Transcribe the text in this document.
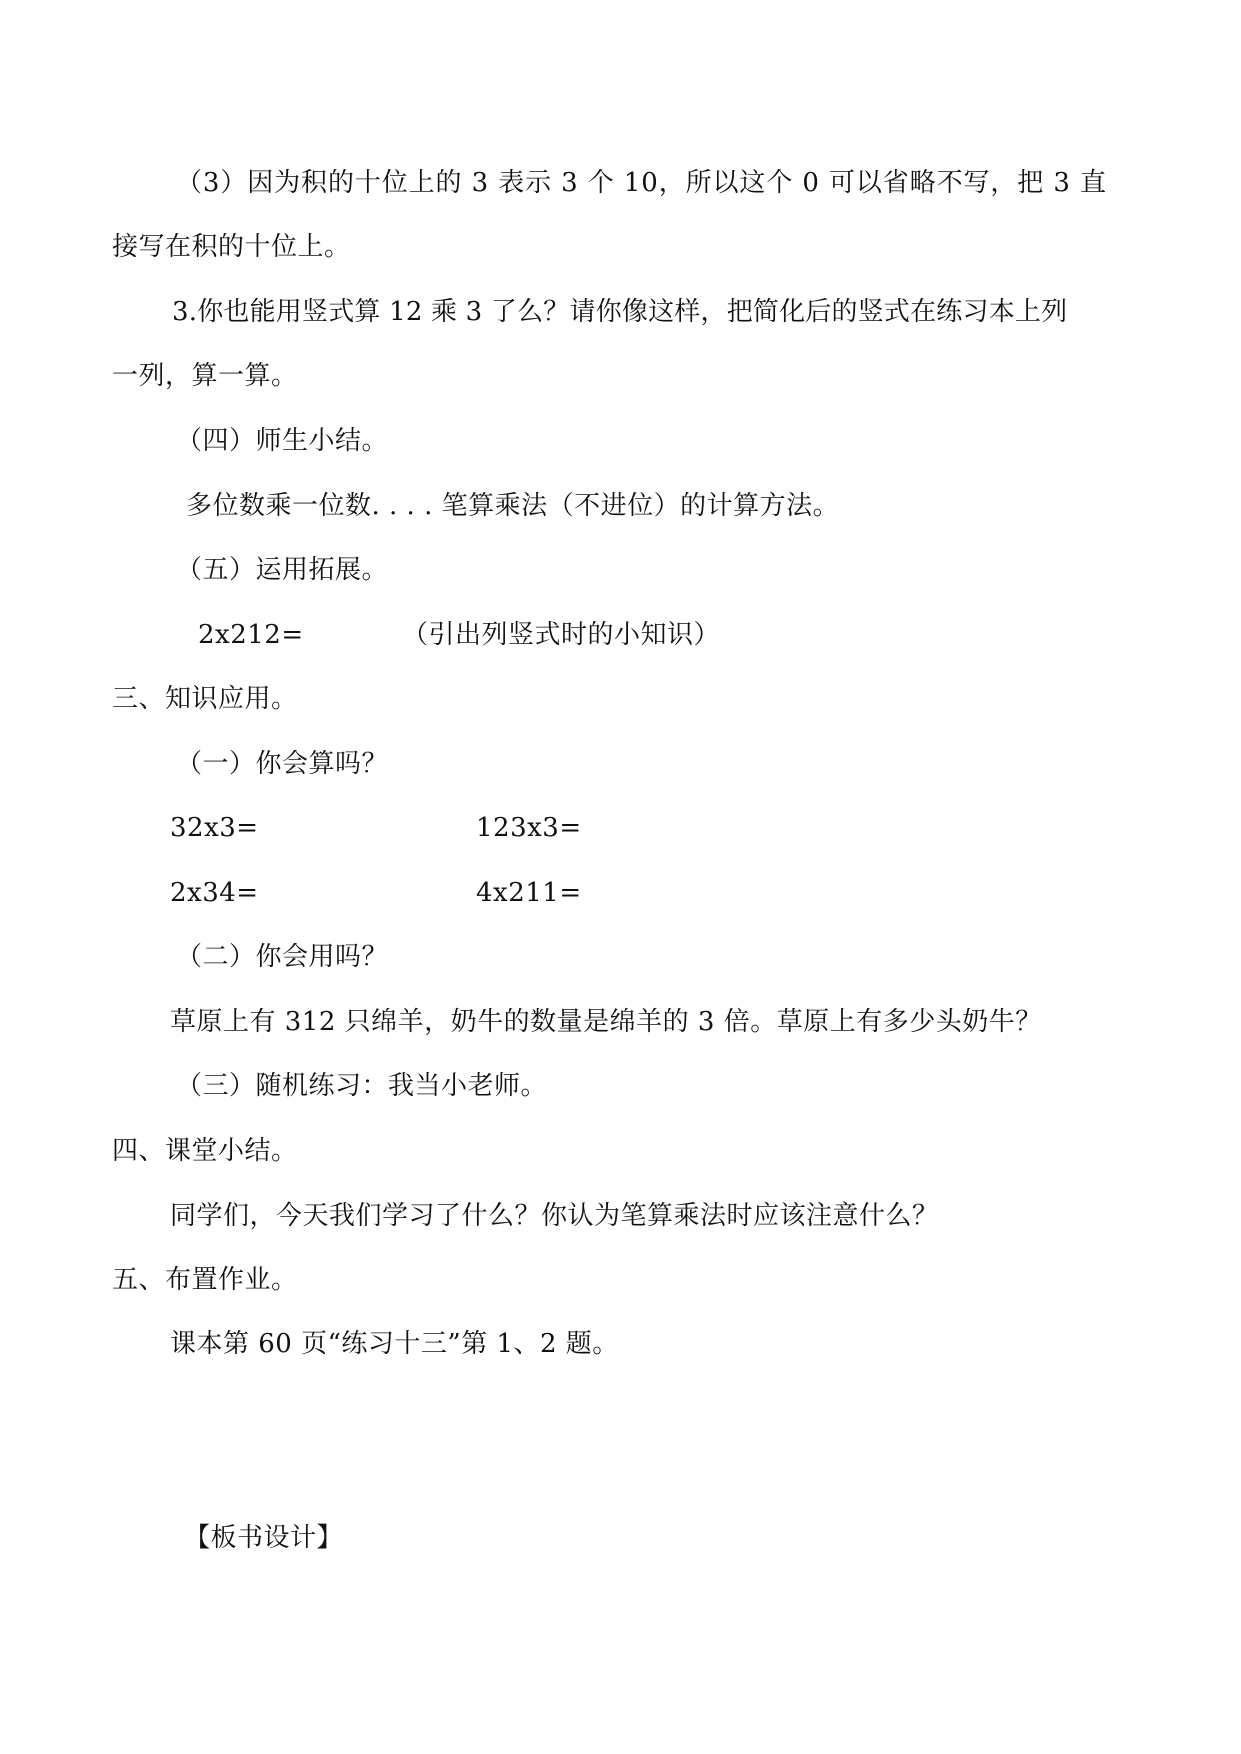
（3）因为积的十位上的 3 表示 3 个 10，所以这个 0 可以省略不写，把 3 直
接写在积的十位上。
3.你也能用竖式算 12 乘 3 了么？请你像这样，把简化后的竖式在练习本上列
一列，算一算。
（四）师生小结。
多位数乘一位数. . . . 笔算乘法（不进位）的计算方法。
（五）运用拓展。
2x212=	（引出列竖式时的小知识）
三、知识应用。
（一）你会算吗？
32x3=	123x3=
2x34=	4x211=
（二）你会用吗？
草原上有 312 只绵羊，奶牛的数量是绵羊的 3 倍。草原上有多少头奶牛？
（三）随机练习：我当小老师。
四、课堂小结。
同学们，今天我们学习了什么？你认为笔算乘法时应该注意什么？
五、布置作业。
课本第 60 页“练习十三”第 1、2 题。
【板书设计】
